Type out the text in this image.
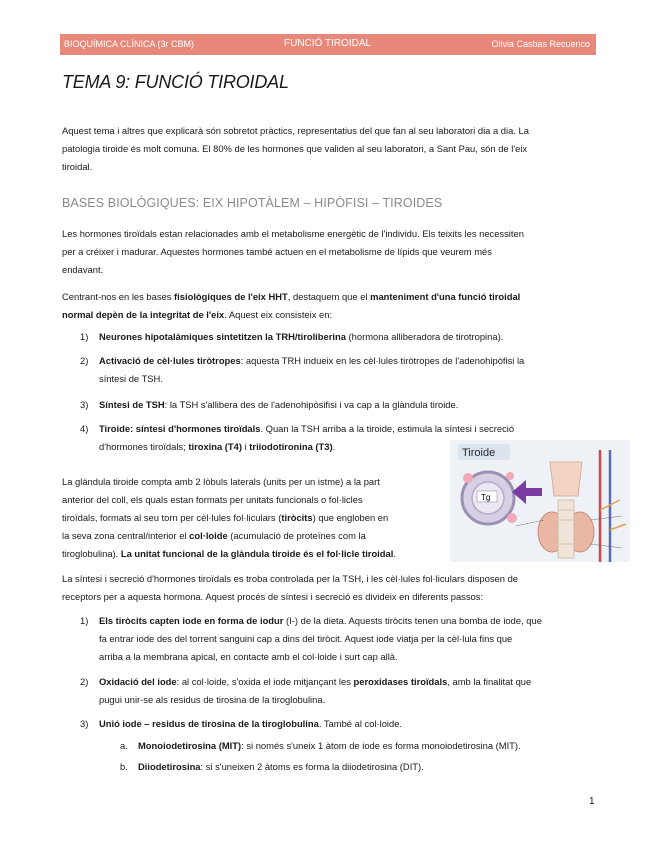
BIOQUÍMICA CLÍNICA (3r CBM)	FUNCIÓ TIROIDAL	Olivia Casbas Recuenco
TEMA 9: FUNCIÓ TIROIDAL
Aquest tema i altres que explicarà són sobretot pràctics, representatius del que fan al seu laboratori dia a dia. La
patologia tiroide és molt comuna. El 80% de les hormones que validen al seu laboratori, a Sant Pau, són de l'eix
tiroidal.
BASES BIOLÒGIQUES: EIX HIPOTÀLEM – HIPÒFISI – TIROIDES
Les hormones tiroïdals estan relacionades amb el metabolisme energètic de l'individu. Els teixits les necessiten
per a créixer i madurar. Aquestes hormones també actuen en el metabolisme de lípids que veurem més
endavant.
Centrant-nos en les bases fisiològiques de l'eix HHT, destaquem que el manteniment d'una funció tiroidal
normal depèn de la integritat de l'eix. Aquest eix consisteix en:
1) Neurones hipotalàmiques sintetitzen la TRH/tiroliberina (hormona alliberadora de tirotropina).
2) Activació de cèl·lules tiròtropes: aquesta TRH indueix en les cèl·lules tiròtropes de l'adenohipòfisi la
síntesi de TSH.
3) Síntesi de TSH: la TSH s'allibera des de l'adenohipòsifisi i va cap a la glàndula tiroide.
4) Tiroide: síntesi d'hormones tiroïdals. Quan la TSH arriba a la tiroide, estimula la síntesi i secreció
d'hormones tiroïdals; tiroxina (T4) i triiodotironina (T3).
La glàndula tiroide compta amb 2 lòbuls laterals (units per un istme) a la part
anterior del coll, els quals estan formats per unitats funcionals o fol·licles
tiroïdals, formats al seu torn per cèl·lules fol·liculars (tiròcits) que engloben en
la seva zona central/interior el col·loide (acumulació de proteïnes com la
tiroglobulina). La unitat funcional de la glàndula tiroide és el fol·licle tiroidal.
Tiroide
Tg
La síntesi i secreció d'hormones tiroïdals es troba controlada per la TSH, i les cèl·lules fol·liculars disposen de
receptors per a aquesta hormona. Aquest procés de síntesi i secreció es divideix en diferents passos:
1) Els tiròcits capten iode en forma de iodur (I-) de la dieta. Aquests tiròcits tenen una bomba de iode, que
fa entrar iode des del torrent sanguini cap a dins del tiròcit. Aquest iode viatja per la cèl·lula fins que
arriba a la membrana apical, en contacte amb el col·loide i surt cap allà.
2) Oxidació del iode: al col·loide, s'oxida el iode mitjançant les peroxidases tiroïdals, amb la finalitat que
pugui unir-se als residus de tirosina de la tiroglobulina.
3) Unió iode – residus de tirosina de la tiroglobulina. També al col·loide.
a. Monoiodetirosina (MIT): si només s'uneix 1 àtom de iode es forma monoiodetirosina (MIT).
b. Diiodetirosina: si s'uneixen 2 àtoms es forma la diiodetirosina (DIT).
1
